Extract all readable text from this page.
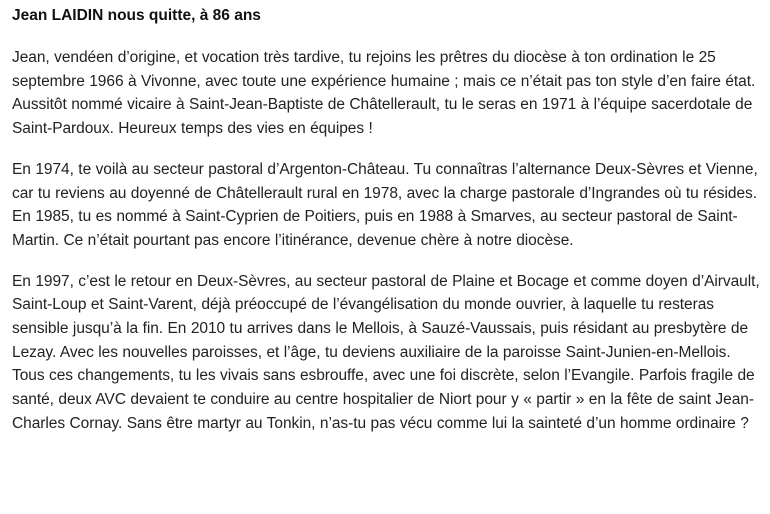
Jean LAIDIN nous quitte, à 86 ans

Jean, vendéen d’origine, et vocation très tardive, tu rejoins les prêtres du diocèse à ton ordination le 25 septembre 1966 à Vivonne, avec toute une expérience humaine ; mais ce n’était pas ton style d’en faire état. Aussitôt nommé vicaire à Saint-Jean-Baptiste de Châtellerault, tu le seras en 1971 à l’équipe sacerdotale de Saint-Pardoux. Heureux temps des vies en équipes !

En 1974, te voilà au secteur pastoral d’Argenton-Château. Tu connaîtras l’alternance Deux-Sèvres et Vienne, car tu reviens au doyenné de Châtellerault rural en 1978, avec la charge pastorale d’Ingrandes où tu résides. En 1985, tu es nommé à Saint-Cyprien de Poitiers, puis en 1988 à Smarves, au secteur pastoral de Saint-Martin. Ce n’était pourtant pas encore l’itinérance, devenue chère à notre diocèse.

En 1997, c’est le retour en Deux-Sèvres, au secteur pastoral de Plaine et Bocage et comme doyen d’Airvault, Saint-Loup et Saint-Varent, déjà préoccupé de l’évangélisation du monde ouvrier, à laquelle tu resteras sensible jusqu’à la fin. En 2010 tu arrives dans le Mellois, à Sauzé-Vaussais, puis résidant au presbytère de Lezay. Avec les nouvelles paroisses, et l’âge, tu deviens auxiliaire de la paroisse Saint-Junien-en-Mellois. Tous ces changements, tu les vivais sans esbrouffe, avec une foi discrète, selon l’Evangile. Parfois fragile de santé, deux AVC devaient te conduire au centre hospitalier de Niort pour y « partir » en la fête de saint Jean-Charles Cornay. Sans être martyr au Tonkin, n’as-tu pas vécu comme lui la sainteté d’un homme ordinaire ?
